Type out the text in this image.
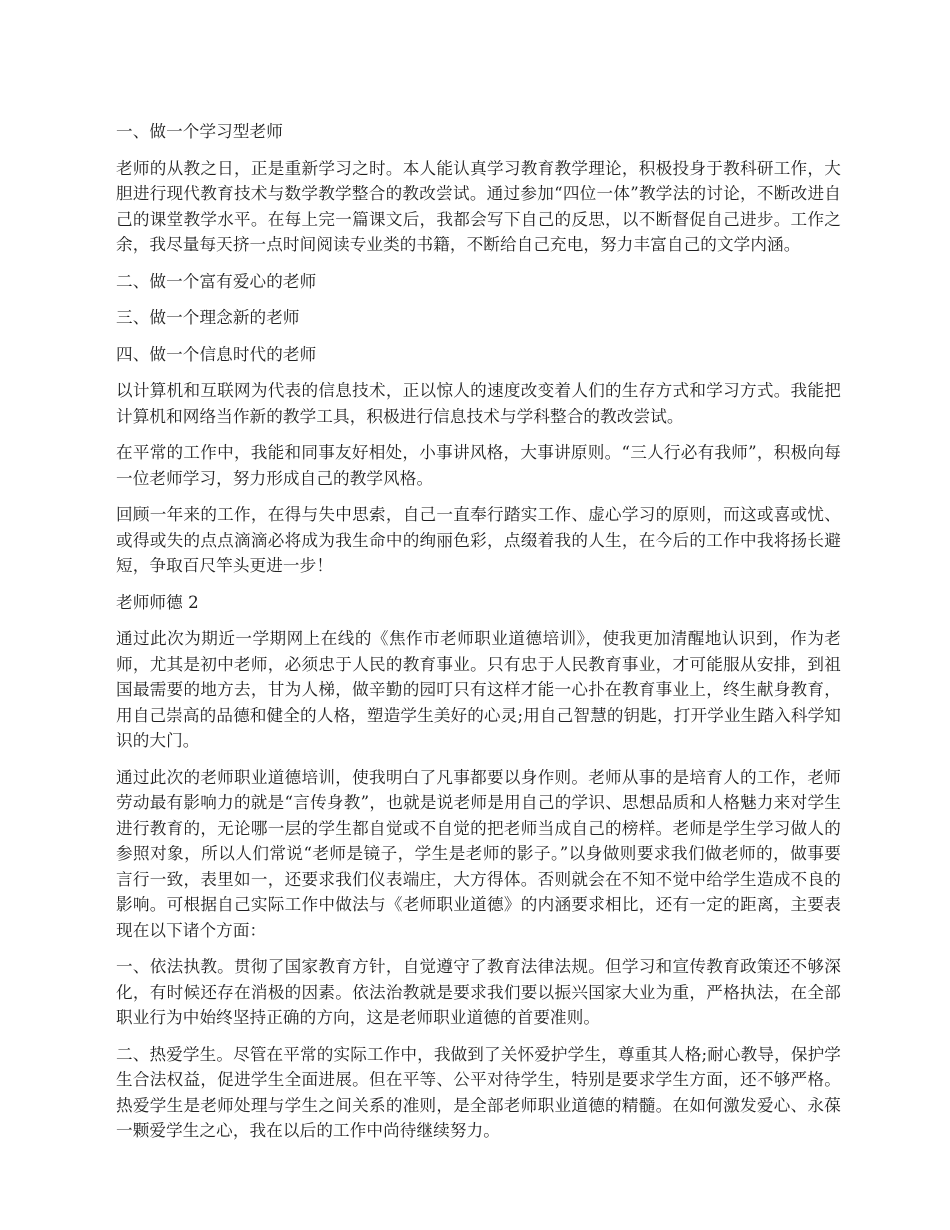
一、做一个学习型老师

老师的从教之日，正是重新学习之时。本人能认真学习教育教学理论，积极投身于教科研工作，大胆进行现代教育技术与数学教学整合的教改尝试。通过参加“四位一体”教学法的讨论，不断改进自己的课堂教学水平。在每上完一篇课文后，我都会写下自己的反思，以不断督促自己进步。工作之余，我尽量每天挤一点时间阅读专业类的书籍，不断给自己充电，努力丰富自己的文学内涵。

二、做一个富有爱心的老师

三、做一个理念新的老师

四、做一个信息时代的老师

以计算机和互联网为代表的信息技术，正以惊人的速度改变着人们的生存方式和学习方式。我能把计算机和网络当作新的教学工具，积极进行信息技术与学科整合的教改尝试。

在平常的工作中，我能和同事友好相处，小事讲风格，大事讲原则。“三人行必有我师”，积极向每一位老师学习，努力形成自己的教学风格。

回顾一年来的工作，在得与失中思索，自己一直奉行踏实工作、虚心学习的原则，而这或喜或忧、或得或失的点点滴滴必将成为我生命中的绚丽色彩，点缀着我的人生，在今后的工作中我将扬长避短，争取百尺竿头更进一步！

老师师德 2

通过此次为期近一学期网上在线的《焦作市老师职业道德培训》，使我更加清醒地认识到，作为老师，尤其是初中老师，必须忠于人民的教育事业。只有忠于人民教育事业，才可能服从安排，到祖国最需要的地方去，甘为人梯，做辛勤的园叮只有这样才能一心扑在教育事业上，终生献身教育，用自己崇高的品德和健全的人格，塑造学生美好的心灵;用自己智慧的钥匙，打开学业生踏入科学知识的大门。

通过此次的老师职业道德培训，使我明白了凡事都要以身作则。老师从事的是培育人的工作，老师劳动最有影响力的就是“言传身教”，也就是说老师是用自己的学识、思想品质和人格魅力来对学生进行教育的，无论哪一层的学生都自觉或不自觉的把老师当成自己的榜样。老师是学生学习做人的参照对象，所以人们常说“老师是镜子，学生是老师的影子。”以身做则要求我们做老师的，做事要言行一致，表里如一，还要求我们仪表端庄，大方得体。否则就会在不知不觉中给学生造成不良的影响。可根据自己实际工作中做法与《老师职业道德》的内涵要求相比，还有一定的距离，主要表现在以下诸个方面：

一、依法执教。贯彻了国家教育方针，自觉遵守了教育法律法规。但学习和宣传教育政策还不够深化，有时候还存在消极的因素。依法治教就是要求我们要以振兴国家大业为重，严格执法，在全部职业行为中始终坚持正确的方向，这是老师职业道德的首要准则。

二、热爱学生。尽管在平常的实际工作中，我做到了关怀爱护学生，尊重其人格;耐心教导，保护学生合法权益，促进学生全面进展。但在平等、公平对待学生，特别是要求学生方面，还不够严格。热爱学生是老师处理与学生之间关系的准则，是全部老师职业道德的精髓。在如何激发爱心、永葆一颗爱学生之心，我在以后的工作中尚待继续努力。
